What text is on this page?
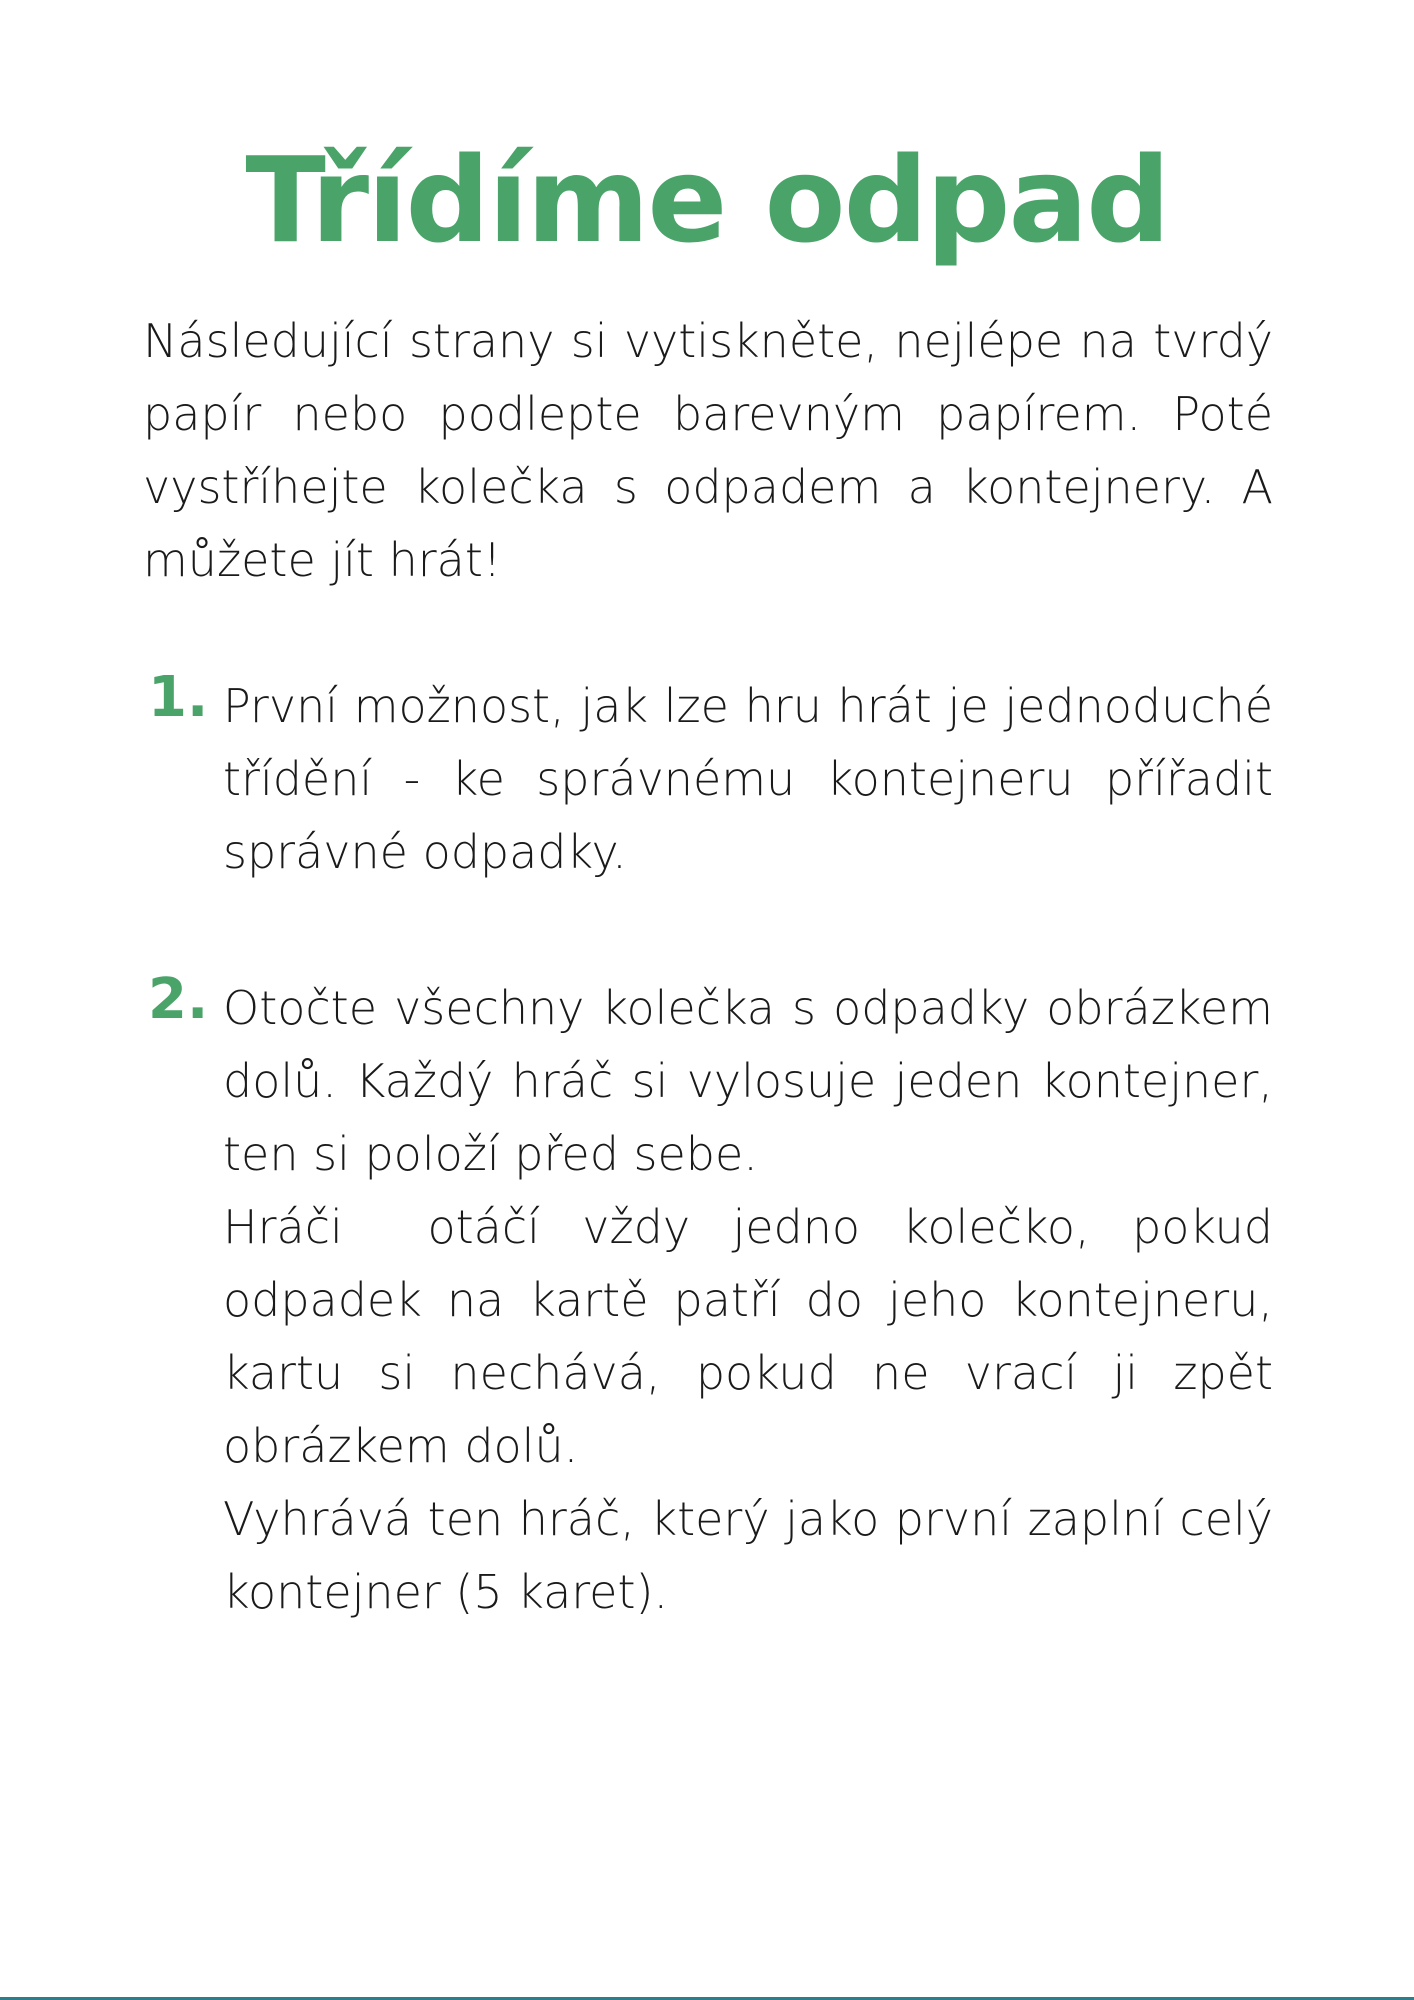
Třídíme odpad

Následující strany si vytiskněte, nejlépe na tvrdý papír nebo podlepte barevným papírem. Poté vystříhejte kolečka s odpadem a kontejnery. A můžete jít hrát!

1. První možnost, jak lze hru hrát je jednoduché třídění - ke správnému kontejneru přířadit správné odpadky.

2. Otočte všechny kolečka s odpadky obrázkem dolů. Každý hráč si vylosuje jeden kontejner, ten si položí před sebe.

Hráči  otáčí vždy jedno kolečko, pokud odpadek na kartě patří do jeho kontejneru, kartu si nechává, pokud ne vrací ji zpět obrázkem dolů.

Vyhrává ten hráč, který jako první zaplní celý kontejner (5 karet).
